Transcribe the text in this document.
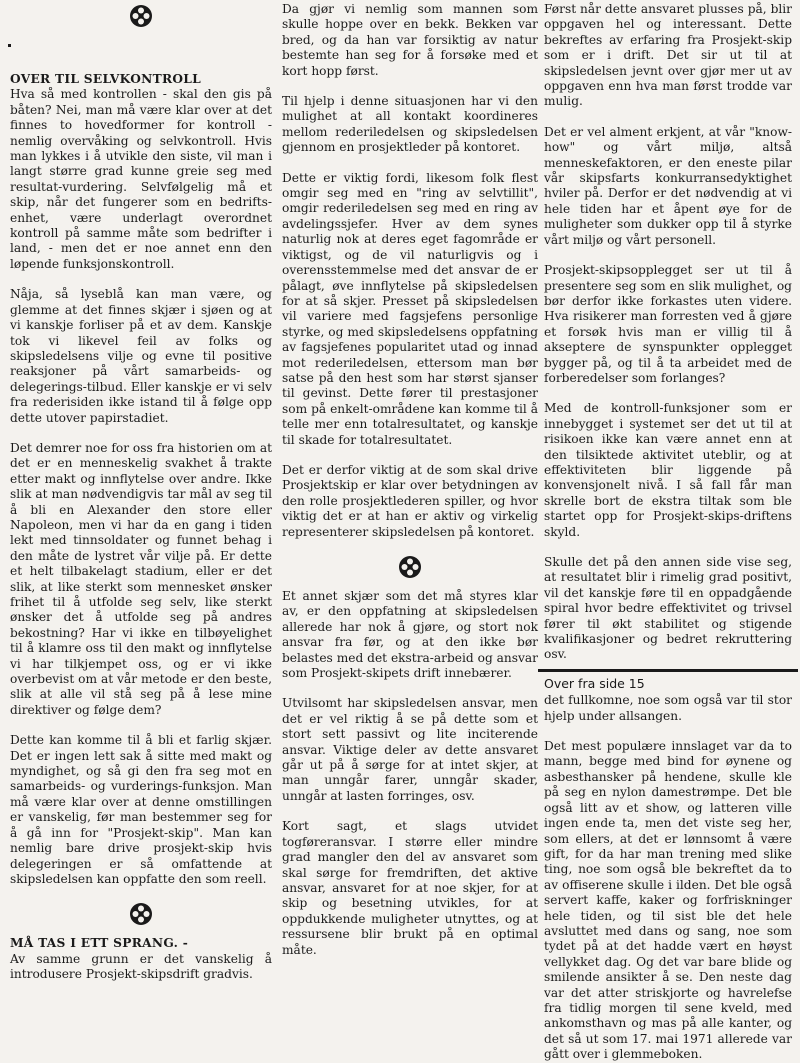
OVER TIL SELVKONTROLL

Hva så med kontrollen - skal den gis på båten? Nei, man må være klar over at det finnes to hovedformer for kontroll - nemlig overvåking og selvkontroll. Hvis man lykkes i å utvikle den siste, vil man i langt større grad kunne greie seg med resultat-vurdering. Selvfølgelig må et skip, når det fungerer som en bedrifts-enhet, være underlagt overordnet kontroll på samme måte som bedrifter i land, - men det er noe annet enn den løpende funksjonskontroll.

Nåja, så lyseblå kan man være, og glemme at det finnes skjær i sjøen og at vi kanskje forliser på et av dem. Kanskje tok vi likevel feil av folks og skipsledelsens vilje og evne til positive reaksjoner på vårt samarbeids- og delegerings-tilbud. Eller kanskje er vi selv fra rederisiden ikke istand til å følge opp dette utover papirstadiet.

Det demrer noe for oss fra historien om at det er en menneskelig svakhet å trakte etter makt og innflytelse over andre. Ikke slik at man nødvendigvis tar mål av seg til å bli en Alexander den store eller Napoleon, men vi har da en gang i tiden lekt med tinnsoldater og funnet behag i den måte de lystret vår vilje på. Er dette et helt tilbakelagt stadium, eller er det slik, at like sterkt som mennesket ønsker frihet til å utfolde seg selv, like sterkt ønsker det å utfolde seg på andres bekostning? Har vi ikke en tilbøyelighet til å klamre oss til den makt og innflytelse vi har tilkjempet oss, og er vi ikke overbevist om at vår metode er den beste, slik at alle vil stå seg på å lese mine direktiver og følge dem?

Dette kan komme til å bli et farlig skjær. Det er ingen lett sak å sitte med makt og myndighet, og så gi den fra seg mot en samarbeids- og vurderings-funksjon. Man må være klar over at denne omstillingen er vanskelig, før man bestemmer seg for å gå inn for "Prosjekt-skip". Man kan nemlig bare drive prosjekt-skip hvis delegeringen er så omfattende at skipsledelsen kan oppfatte den som reell.

MÅ TAS I ETT SPRANG. -

Av samme grunn er det vanskelig å introdusere Prosjekt-skipsdrift gradvis.

Da gjør vi nemlig som mannen som skulle hoppe over en bekk. Bekken var bred, og da han var forsiktig av natur bestemte han seg for å forsøke med et kort hopp først.

Til hjelp i denne situasjonen har vi den mulighet at all kontakt koordineres mellom rederiledelsen og skipsledelsen gjennom en prosjektleder på kontoret.

Dette er viktig fordi, likesom folk flest omgir seg med en "ring av selvtillit", omgir rederiledelsen seg med en ring av avdelingssjefer. Hver av dem synes naturlig nok at deres eget fagområde er viktigst, og de vil naturligvis og i overensstemmelse med det ansvar de er pålagt, øve innflytelse på skipsledelsen for at så skjer. Presset på skipsledelsen vil variere med fagsjefens personlige styrke, og med skipsledelsens oppfatning av fagsjefenes popularitet utad og innad mot rederiledelsen, ettersom man bør satse på den hest som har størst sjanser til gevinst. Dette fører til prestasjoner som på enkelt-områdene kan komme til å telle mer enn totalresultatet, og kanskje til skade for totalresultatet.

Det er derfor viktig at de som skal drive Prosjektskip er klar over betydningen av den rolle prosjektlederen spiller, og hvor viktig det er at han er aktiv og virkelig representerer skipsledelsen på kontoret.

Et annet skjær som det må styres klar av, er den oppfatning at skipsledelsen allerede har nok å gjøre, og stort nok ansvar fra før, og at den ikke bør belastes med det ekstra-arbeid og ansvar som Prosjekt-skipets drift innebærer.

Utvilsomt har skipsledelsen ansvar, men det er vel riktig å se på dette som et stort sett passivt og lite inciterende ansvar. Viktige deler av dette ansvaret går ut på å sørge for at intet skjer, at man unngår farer, unngår skader, unngår at lasten forringes, osv.

Kort sagt, et slags utvidet togføreransvar. I større eller mindre grad mangler den del av ansvaret som skal sørge for fremdriften, det aktive ansvar, ansvaret for at noe skjer, for at skip og besetning utvikles, for at oppdukkende muligheter utnyttes, og at ressursene blir brukt på en optimal måte.

Først når dette ansvaret plusses på, blir oppgaven hel og interessant. Dette bekreftes av erfaring fra Prosjekt-skip som er i drift. Det sir ut til at skipsledelsen jevnt over gjør mer ut av oppgaven enn hva man først trodde var mulig.

Det er vel alment erkjent, at vår "know-how" og vårt miljø, altså menneskefaktoren, er den eneste pilar vår skipsfarts konkurransedyktighet hviler på. Derfor er det nødvendig at vi hele tiden har et åpent øye for de muligheter som dukker opp til å styrke vårt miljø og vårt personell.

Prosjekt-skipsopplegget ser ut til å presentere seg som en slik mulighet, og bør derfor ikke forkastes uten videre. Hva risikerer man forresten ved å gjøre et forsøk hvis man er villig til å akseptere de synspunkter opplegget bygger på, og til å ta arbeidet med de forberedelser som forlanges?

Med de kontroll-funksjoner som er innebygget i systemet ser det ut til at risikoen ikke kan være annet enn at den tilsiktede aktivitet uteblir, og at effektiviteten blir liggende på konvensjonelt nivå. I så fall får man skrelle bort de ekstra tiltak som ble startet opp for Prosjekt-skips-driftens skyld.

Skulle det på den annen side vise seg, at resultatet blir i rimelig grad positivt, vil det kanskje føre til en oppadgående spiral hvor bedre effektivitet og trivsel fører til økt stabilitet og stigende kvalifikasjoner og bedret rekruttering osv.

Over fra side 15

det fullkomne, noe som også var til stor hjelp under allsangen.

Det mest populære innslaget var da to mann, begge med bind for øynene og asbesthansker på hendene, skulle kle på seg en nylon damestrømpe. Det ble også litt av et show, og latteren ville ingen ende ta, men det viste seg her, som ellers, at det er lønnsomt å være gift, for da har man trening med slike ting, noe som også ble bekreftet da to av offiserene skulle i ilden. Det ble også servert kaffe, kaker og forfriskninger hele tiden, og til sist ble det hele avsluttet med dans og sang, noe som tydet på at det hadde vært en høyst vellykket dag. Og det var bare blide og smilende ansikter å se. Den neste dag var det atter striskjorte og havrelefse fra tidlig morgen til sene kveld, med ankomsthavn og mas på alle kanter, og det så ut som 17. mai 1971 allerede var gått over i glemmeboken.
